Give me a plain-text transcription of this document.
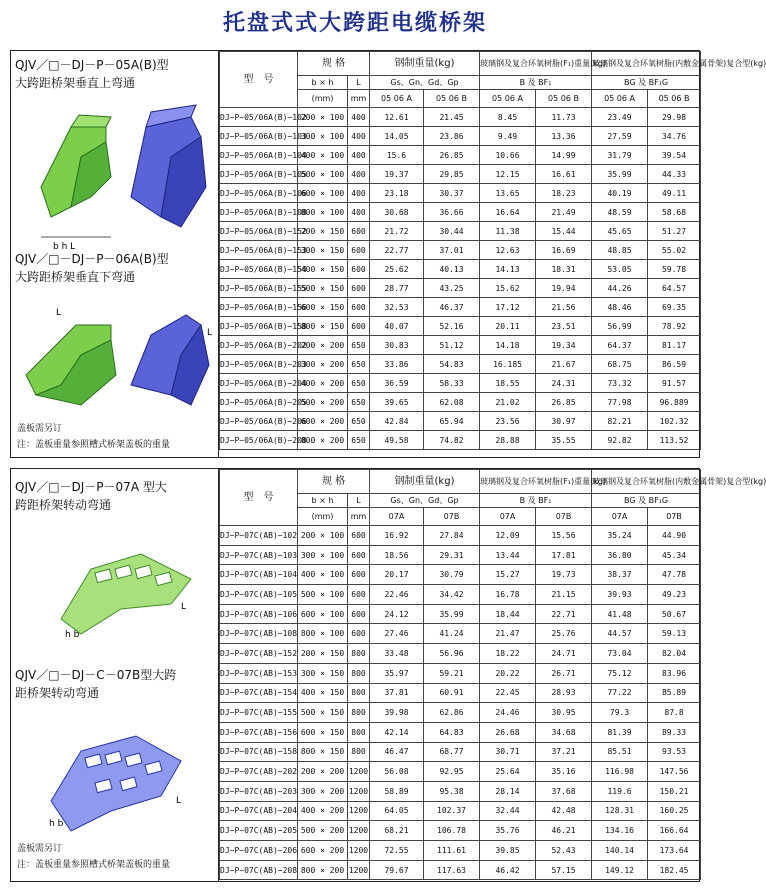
托盘式式大跨距电缆桥架
QJV／□－DJ－P－05A(B)型
大跨距桥架垂直上弯通
b h L
QJV／□－DJ－P－06A(B)型
大跨距桥架垂直下弯通
L
L
盖板需另订
注：盖板重量参照槽式桥架盖板的重量
型　号	规 格		钢制重量(kg)		玻璃钢及复合环氧树脂(F₁)重量(kg)		玻璃钢及复合环氧树脂(内敷金属骨架)复合型(kg)	
	b × h	L	Gs、Gn、Gd、Gp		B 及 BF₁		BG 及 BF₁G	
	(mm)	mm	05 06 A	05 06 B	05 06 A	05 06 B	05 06 A	05 06 B
DJ−P−05/06A(B)−102	200 × 100	400	12.61	21.45	8.45	11.73	23.49	29.98
DJ−P−05/06A(B)−103	300 × 100	400	14.05	23.86	9.49	13.36	27.59	34.76
DJ−P−05/06A(B)−104	400 × 100	400	15.6	26.85	10.66	14.99	31.79	39.54
DJ−P−05/06A(B)−105	500 × 100	400	19.37	29.85	12.15	16.61	35.99	44.33
DJ−P−05/06A(B)−106	600 × 100	400	23.18	30.37	13.65	18.23	40.19	49.11
DJ−P−05/06A(B)−108	800 × 100	400	30.68	36.66	16.64	21.49	48.59	58.68
DJ−P−05/06A(B)−152	200 × 150	600	21.72	30.44	11.38	15.44	45.65	51.27
DJ−P−05/06A(B)−153	300 × 150	600	22.77	37.01	12.63	16.69	48.85	55.02
DJ−P−05/06A(B)−154	400 × 150	600	25.62	40.13	14.13	18.31	53.05	59.78
DJ−P−05/06A(B)−155	500 × 150	600	28.77	43.25	15.62	19.94	44.26	64.57
DJ−P−05/06A(B)−156	600 × 150	600	32.53	46.37	17.12	21.56	48.46	69.35
DJ−P−05/06A(B)−158	800 × 150	600	40.07	52.16	20.11	23.51	56.99	78.92
DJ−P−05/06A(B)−202	200 × 200	650	30.83	51.12	14.18	19.34	64.37	81.17
DJ−P−05/06A(B)−203	300 × 200	650	33.86	54.83	16.185	21.67	68.75	86.59
DJ−P−05/06A(B)−204	400 × 200	650	36.59	58.33	18.55	24.31	73.32	91.57
DJ−P−05/06A(B)−205	500 × 200	650	39.65	62.08	21.02	26.85	77.98	96.889
DJ−P−05/06A(B)−206	600 × 200	650	42.84	65.94	23.56	30.97	82.21	102.32
DJ−P−05/06A(B)−208	800 × 200	650	49.58	74.82	28.88	35.55	92.82	113.52
QJV／□－DJ－P－07A 型大
跨距桥架转动弯通
L
h b
QJV／□－DJ－C－07B型大跨
距桥架转动弯通
L
h b
盖板需另订
注：盖板重量参照槽式桥架盖板的重量
型　号	规 格		钢制重量(kg)		玻璃钢及复合环氧树脂(F₁)重量(kg)		玻璃钢及复合环氧树脂(内敷金属骨架)复合型(kg)	
	b × h	L	Gs、Gn、Gd、Gp		B 及 BF₁		BG 及 BF₁G	
	(mm)	mm	07A	07B	07A	07B	07A	07B
DJ−P−07C(AB)−102	200 × 100	600	16.92	27.84	12.09	15.56	35.24	44.90
DJ−P−07C(AB)−103	300 × 100	600	18.56	29.31	13.44	17.81	36.80	45.34
DJ−P−07C(AB)−104	400 × 100	600	20.17	30.79	15.27	19.73	38.37	47.78
DJ−P−07C(AB)−105	500 × 100	600	22.46	34.42	16.78	21.15	39.93	49.23
DJ−P−07C(AB)−106	600 × 100	600	24.12	35.99	18.44	22.71	41.48	50.67
DJ−P−07C(AB)−108	800 × 100	600	27.46	41.24	21.47	25.76	44.57	59.13
DJ−P−07C(AB)−152	200 × 150	800	33.48	56.96	18.22	24.71	73.04	82.04
DJ−P−07C(AB)−153	300 × 150	800	35.97	59.21	20.22	26.71	75.12	83.96
DJ−P−07C(AB)−154	400 × 150	800	37.81	60.91	22.45	28.93	77.22	85.89
DJ−P−07C(AB)−155	500 × 150	800	39.98	62.86	24.46	30.95	79.3	87.8
DJ−P−07C(AB)−156	600 × 150	800	42.14	64.83	26.68	34.68	81.39	89.33
DJ−P−07C(AB)−158	800 × 150	800	46.47	68.77	30.71	37.21	85.51	93.53
DJ−P−07C(AB)−202	200 × 200	1200	56.08	92.95	25.64	35.16	116.98	147.56
DJ−P−07C(AB)−203	300 × 200	1200	58.89	95.38	28.14	37.68	119.6	150.21
DJ−P−07C(AB)−204	400 × 200	1200	64.05	102.37	32.44	42.48	128.31	160.25
DJ−P−07C(AB)−205	500 × 200	1200	68.21	106.78	35.76	46.21	134.16	166.64
DJ−P−07C(AB)−206	600 × 200	1200	72.55	111.61	39.85	52.43	140.14	173.64
DJ−P−07C(AB)−208	800 × 200	1200	79.67	117.63	46.42	57.15	149.12	182.45
